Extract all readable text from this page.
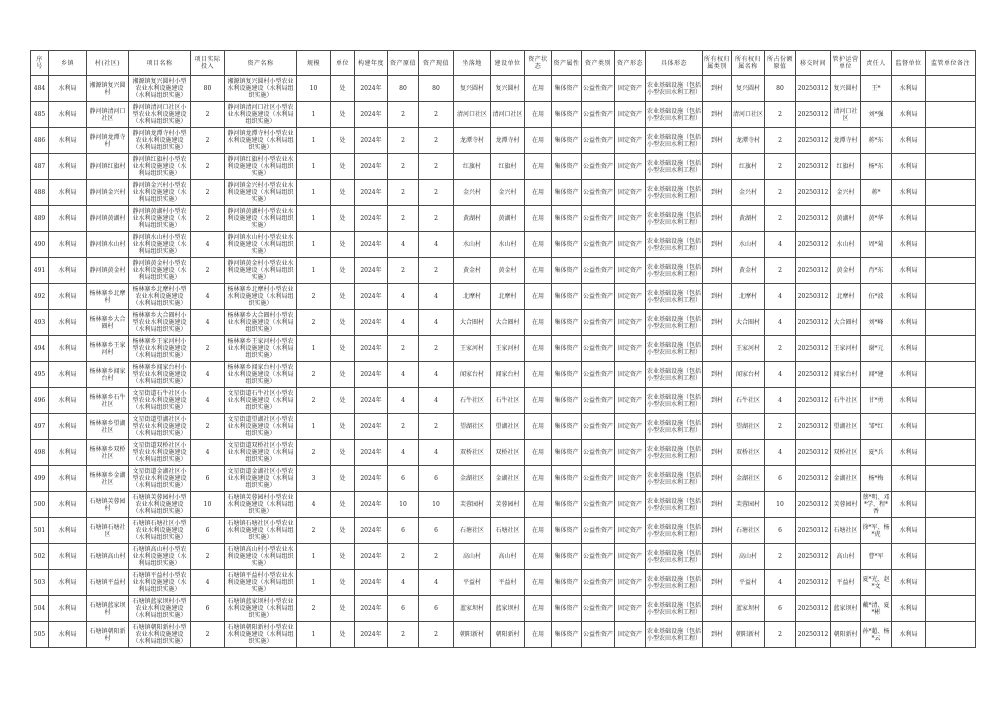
序 号	乡镇	村(社区)	项目名称	项目实际投入	资产名称	规模	单位	构建年度	资产原值	资产现值	坐落地	建设单位	资产状态	资产属性	资产类别	资产形态	具体形态	所有权归属类别	所有权归属名称	所占份额原值	移交时间	管护运营单位	责任人	监督单位	监管单位备注
484	水利局	湘源镇复兴圆村	湘源镇复兴圆村小型农业水利设施建设（水利局组织实施）	80	湘源镇复兴圆村小型农业水利设施建设（水利局组织实施）	10	处	2024年	80	80	复兴圆村	复兴圆村	在用	集体资产	公益性资产	固定资产	农业基础设施（包括小型农田水利工程）	到村	复兴圆村	80	20250312	复兴圆村	王*	水利局	
485	水利局	静河镇清河口社区	静河镇清河口社区小型农业水利设施建设（水利局组织实施）	2	静河镇清河口社区小型农业水利设施建设（水利局组织实施）	1	处	2024年	2	2	清河口社区	清河口社区	在用	集体资产	公益性资产	固定资产	农业基础设施（包括小型农田水利工程）	到村	清河口社区	2	20250312	清河口社区	刘*强	水利局	
486	水利局	静河镇龙潭寺村	静河镇龙潭寺村小型农业水利设施建设（水利局组织实施）	2	静河镇龙潭寺村小型农业水利设施建设（水利局组织实施）	1	处	2024年	2	2	龙潭寺村	龙潭寺村	在用	集体资产	公益性资产	固定资产	农业基础设施（包括小型农田水利工程）	到村	龙潭寺村	2	20250312	龙潭寺村	蒋*东	水利局	
487	水利局	静河镇红旗村	静河镇红旗村小型农业水利设施建设（水利局组织实施）	2	静河镇红旗村小型农业水利设施建设（水利局组织实施）	1	处	2024年	2	2	红旗村	红旗村	在用	集体资产	公益性资产	固定资产	农业基础设施（包括小型农田水利工程）	到村	红旗村	2	20250312	红旗村	杨*东	水利局	
488	水利局	静河镇金兴村	静河镇金兴村小型农业水利设施建设（水利局组织实施）	2	静河镇金兴村小型农业水利设施建设（水利局组织实施）	1	处	2024年	2	2	金兴村	金兴村	在用	集体资产	公益性资产	固定资产	农业基础设施（包括小型农田水利工程）	到村	金兴村	2	20250312	金兴村	蒋*	水利局	
489	水利局	静河镇黄湖村	静河镇黄湖村小型农业水利设施建设（水利局组织实施）	2	静河镇黄湖村小型农业水利设施建设（水利局组织实施）	1	处	2024年	2	2	黄湖村	黄湖村	在用	集体资产	公益性资产	固定资产	农业基础设施（包括小型农田水利工程）	到村	黄湖村	2	20250312	黄湖村	黄*华	水利局	
490	水利局	静河镇水山村	静河镇水山村小型农业水利设施建设（水利局组织实施）	4	静河镇水山村小型农业水利设施建设（水利局组织实施）	1	处	2024年	4	4	水山村	水山村	在用	集体资产	公益性资产	固定资产	农业基础设施（包括小型农田水利工程）	到村	水山村	4	20250312	水山村	周*菊	水利局	
491	水利局	静河镇黄金村	静河镇黄金村小型农业水利设施建设（水利局组织实施）	2	静河镇黄金村小型农业水利设施建设（水利局组织实施）	1	处	2024年	2	2	黄金村	黄金村	在用	集体资产	公益性资产	固定资产	农业基础设施（包括小型农田水利工程）	到村	黄金村	2	20250312	黄金村	肖*东	水利局	
492	水利局	杨林寨乡北摩村	杨林寨乡北摩村小型农业水利设施建设（水利局组织实施）	4	杨林寨乡北摩村小型农业水利设施建设（水利局组织实施）	2	处	2024年	4	4	北摩村	北摩村	在用	集体资产	公益性资产	固定资产	农业基础设施（包括小型农田水利工程）	到村	北摩村	4	20250312	北摩村	伍*波	水利局	
493	水利局	杨林寨乡大合圈村	杨林寨乡大合圈村小型农业水利设施建设（水利局组织实施）	4	杨林寨乡大合圈村小型农业水利设施建设（水利局组织实施）	2	处	2024年	4	4	大合圈村	大合圈村	在用	集体资产	公益性资产	固定资产	农业基础设施（包括小型农田水利工程）	到村	大合圈村	4	20250312	大合圈村	刘*峰	水利局	
494	水利局	杨林寨乡王家河村	杨林寨乡王家河村小型农业水利设施建设（水利局组织实施）	2	杨林寨乡王家河村小型农业水利设施建设（水利局组织实施）	1	处	2024年	2	2	王家河村	王家河村	在用	集体资产	公益性资产	固定资产	农业基础设施（包括小型农田水利工程）	到村	王家河村	2	20250312	王家河村	谢*元	水利局	
495	水利局	杨林寨乡闻家台村	杨林寨乡闻家台村小型农业水利设施建设（水利局组织实施）	4	杨林寨乡闻家台村小型农业水利设施建设（水利局组织实施）	2	处	2024年	4	4	闻家台村	闻家台村	在用	集体资产	公益性资产	固定资产	农业基础设施（包括小型农田水利工程）	到村	闻家台村	4	20250312	闻家台村	闻*建	水利局	
496	水利局	杨林寨乡石牛社区	文星街道石牛社区小型农业水利设施建设（水利局组织实施）	4	文星街道石牛社区小型农业水利设施建设（水利局组织实施）	2	处	2024年	4	4	石牛社区	石牛社区	在用	集体资产	公益性资产	固定资产	农业基础设施（包括小型农田水利工程）	到村	石牛社区	4	20250312	石牛社区	甘*勇	水利局	
497	水利局	杨林寨乡望湖社区	文星街道望湖社区小型农业水利设施建设（水利局组织实施）	2	文星街道望湖社区小型农业水利设施建设（水利局组织实施）	1	处	2024年	2	2	望湖社区	望湖社区	在用	集体资产	公益性资产	固定资产	农业基础设施（包括小型农田水利工程）	到村	望湖社区	2	20250312	望湖社区	邹*红	水利局	
498	水利局	杨林寨乡双桥社区	文星街道双桥社区小型农业水利设施建设（水利局组织实施）	4	文星街道双桥社区小型农业水利设施建设（水利局组织实施）	2	处	2024年	4	4	双桥社区	双桥社区	在用	集体资产	公益性资产	固定资产	农业基础设施（包括小型农田水利工程）	到村	双桥社区	4	20250312	双桥社区	夏*兵	水利局	
499	水利局	杨林寨乡金湖社区	文星街道金湖社区小型农业水利设施建设（水利局组织实施）	6	文星街道金湖社区小型农业水利设施建设（水利局组织实施）	3	处	2024年	6	6	金湖社区	金湖社区	在用	集体资产	公益性资产	固定资产	农业基础设施（包括小型农田水利工程）	到村	金湖社区	6	20250312	金湖社区	杨*梅	水利局	
500	水利局	石塘镇芙蓉园村	石塘镇芙蓉园村小型农业水利设施建设（水利局组织实施）	10	石塘镇芙蓉园村小型农业水利设施建设（水利局组织实施）	4	处	2024年	10	10	芙蓉园村	芙蓉园村	在用	集体资产	公益性资产	固定资产	农业基础设施（包括小型农田水利工程）	到村	芙蓉园村	10	20250312	芙蓉园村	蔡*明、邓*学、程*香	水利局	
501	水利局	石塘镇石塘社区	石塘镇石塘社区小型农业水利设施建设（水利局组织实施）	6	石塘镇石塘社区小型农业水利设施建设（水利局组织实施）	2	处	2024年	6	6	石塘社区	石塘社区	在用	集体资产	公益性资产	固定资产	农业基础设施（包括小型农田水利工程）	到村	石塘社区	6	20250312	石塘社区	徐*军、杨*虎	水利局	
502	水利局	石塘镇高山村	石塘镇高山村小型农业水利设施建设（水利局组织实施）	2	石塘镇高山村小型农业水利设施建设（水利局组织实施）	1	处	2024年	2	2	高山村	高山村	在用	集体资产	公益性资产	固定资产	农业基础设施（包括小型农田水利工程）	到村	高山村	2	20250312	高山村	曹*军	水利局	
503	水利局	石塘镇平益村	石塘镇平益村小型农业水利设施建设（水利局组织实施）	4	石塘镇平益村小型农业水利设施建设（水利局组织实施）	1	处	2024年	4	4	平益村	平益村	在用	集体资产	公益性资产	固定资产	农业基础设施（包括小型农田水利工程）	到村	平益村	4	20250312	平益村	夏*光、赵*文	水利局	
504	水利局	石塘镇蓝家坝村	石塘镇蓝家坝村小型农业水利设施建设（水利局组织实施）	6	石塘镇蓝家坝村小型农业水利设施建设（水利局组织实施）	2	处	2024年	6	6	蓝家坝村	蓝家坝村	在用	集体资产	公益性资产	固定资产	农业基础设施（包括小型农田水利工程）	到村	蓝家坝村	6	20250312	蓝家坝村	戴*清、夏*彬	水利局	
505	水利局	石塘镇朝阳新村	石塘镇朝阳新村小型农业水利设施建设（水利局组织实施）	2	石塘镇朝阳新村小型农业水利设施建设（水利局组织实施）	1	处	2024年	2	2	朝阳新村	朝阳新村	在用	集体资产	公益性资产	固定资产	农业基础设施（包括小型农田水利工程）	到村	朝阳新村	2	20250312	朝阳新村	孙*超、杨*云	水利局	
